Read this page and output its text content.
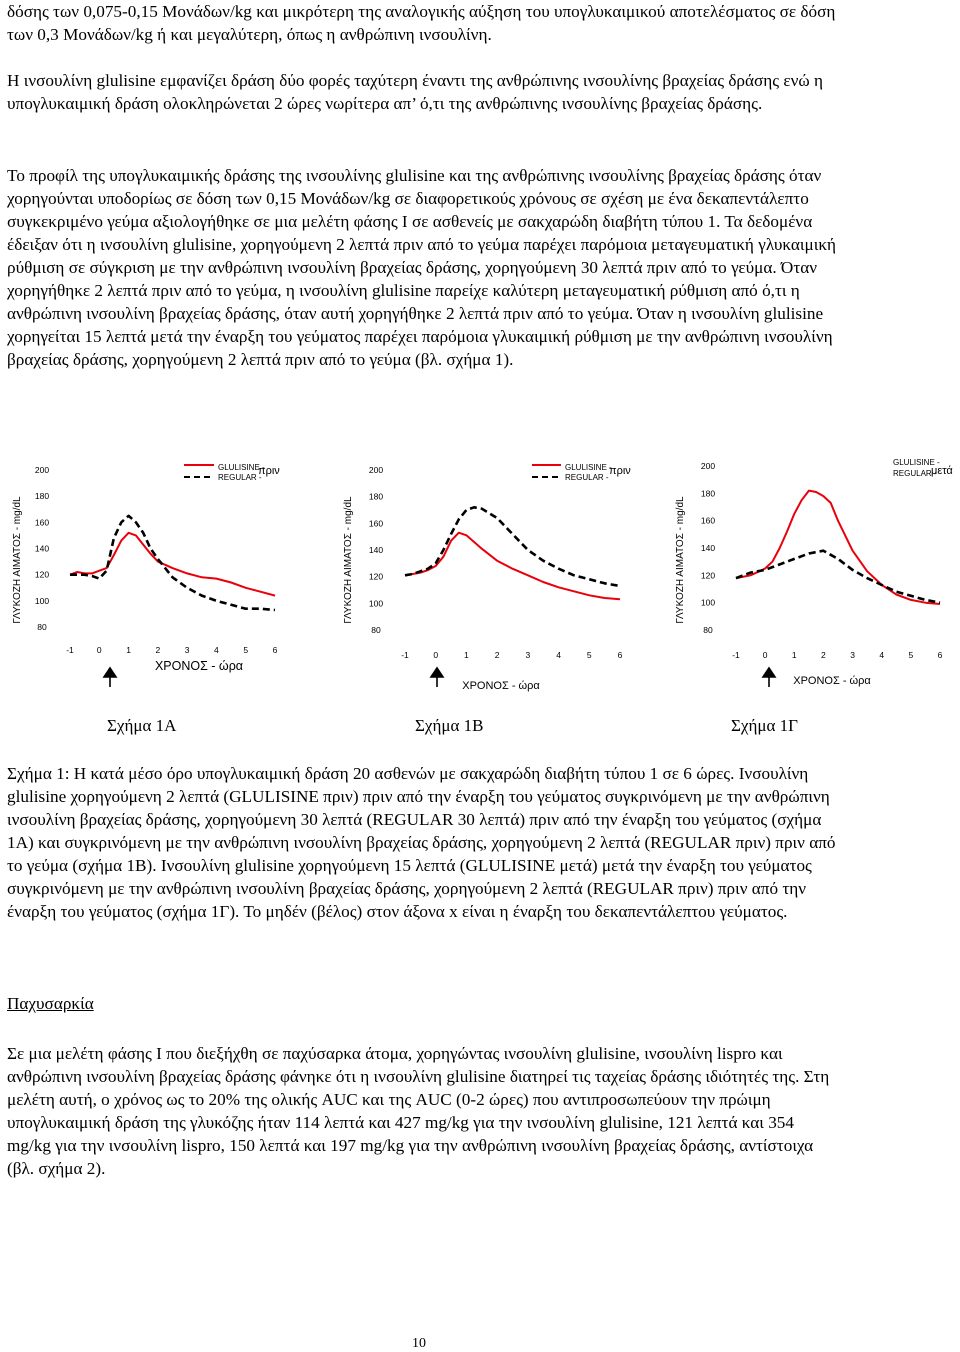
δόσης των 0,075-0,15 Μονάδων/kg και μικρότερη της αναλογικής αύξηση του υπογλυκαιμικού αποτελέσματος σε δόση των 0,3 Μονάδων/kg ή και μεγαλύτερη, όπως η ανθρώπινη ινσουλίνη.

Η ινσουλίνη glulisine εμφανίζει δράση δύο φορές ταχύτερη έναντι της ανθρώπινης ινσουλίνης βραχείας δράσης ενώ η υπογλυκαιμική δράση ολοκληρώνεται 2 ώρες νωρίτερα απ’ ό,τι της ανθρώπινης ινσουλίνης βραχείας δράσης.

Το προφίλ της υπογλυκαιμικής δράσης της ινσουλίνης glulisine και της ανθρώπινης ινσουλίνης βραχείας δράσης όταν χορηγούνται υποδορίως σε δόση των 0,15 Μονάδων/kg σε διαφορετικούς χρόνους σε σχέση με ένα δεκαπεντάλεπτο συγκεκριμένο γεύμα αξιολογήθηκε σε μια μελέτη φάσης Ι σε ασθενείς με σακχαρώδη διαβήτη τύπου 1. Τα δεδομένα έδειξαν ότι η ινσουλίνη glulisine, χορηγούμενη 2 λεπτά πριν από το γεύμα παρέχει παρόμοια μεταγευματική γλυκαιμική ρύθμιση σε σύγκριση με την ανθρώπινη ινσουλίνη βραχείας δράσης, χορηγούμενη 30 λεπτά πριν από το γεύμα. Όταν χορηγήθηκε 2 λεπτά πριν από το γεύμα, η ινσουλίνη glulisine παρείχε καλύτερη μεταγευματική ρύθμιση από ό,τι η ανθρώπινη ινσουλίνη βραχείας δράσης, όταν αυτή χορηγήθηκε 2 λεπτά πριν από το γεύμα. Όταν η ινσουλίνη glulisine χορηγείται 15 λεπτά μετά την έναρξη του γεύματος παρέχει παρόμοια γλυκαιμική ρύθμιση με την ανθρώπινη ινσουλίνη βραχείας δράσης, χορηγούμενη 2 λεπτά πριν από το γεύμα (βλ. σχήμα 1).

ΓΛΥΚΟΖΗ ΑΙΜΑΤΟΣ - mg/dL
ΧΡΟΝΟΣ - ώρα
GLULISINE -
πριν
REGULAR -
200
180
160
140
120
100
80
-1	0	1	2	3	4	5	6
ΓΛΥΚΟΖΗ ΑΙΜΑΤΟΣ - mg/dL
ΧΡΟΝΟΣ - ώρα
GLULISINE -
πριν
REGULAR -
200
180
160
140
120
100
80
-1	0	1	2	3	4	5	6
ΓΛΥΚΟΖΗ ΑΙΜΑΤΟΣ - mg/dL
ΧΡΟΝΟΣ - ώρα
GLULISINE -
μετά
REGULAR -
200
180
160
140
120
100
80
-1	0	1	2	3	4	5	6
Σχήμα 1Α	Σχήμα 1Β	Σχήμα 1Γ

Σχήμα 1: Η κατά μέσο όρο υπογλυκαιμική δράση 20 ασθενών με σακχαρώδη διαβήτη τύπου 1 σε 6 ώρες. Ινσουλίνη glulisine χορηγούμενη 2 λεπτά (GLULISINE πριν) πριν από την έναρξη του γεύματος συγκρινόμενη με την ανθρώπινη ινσουλίνη βραχείας δράσης, χορηγούμενη 30 λεπτά (REGULAR 30 λεπτά) πριν από την έναρξη του γεύματος (σχήμα 1Α) και συγκρινόμενη με την ανθρώπινη ινσουλίνη βραχείας δράσης, χορηγούμενη 2 λεπτά (REGULAR πριν) πριν από το γεύμα (σχήμα 1Β). Ινσουλίνη glulisine χορηγούμενη 15 λεπτά (GLULISINE μετά) μετά την έναρξη του γεύματος συγκρινόμενη με την ανθρώπινη ινσουλίνη βραχείας δράσης, χορηγούμενη 2 λεπτά (REGULAR πριν) πριν από την έναρξη του γεύματος (σχήμα 1Γ). Το μηδέν (βέλος) στον άξονα x είναι η έναρξη του δεκαπεντάλεπτου γεύματος.

Παχυσαρκία

Σε μια μελέτη φάσης Ι που διεξήχθη σε παχύσαρκα άτομα, χορηγώντας ινσουλίνη glulisine, ινσουλίνη lispro και ανθρώπινη ινσουλίνη βραχείας δράσης φάνηκε ότι η ινσουλίνη glulisine διατηρεί τις ταχείας δράσης ιδιότητές της. Στη μελέτη αυτή, ο χρόνος ως το 20% της ολικής AUC και της AUC (0-2 ώρες) που αντιπροσωπεύουν την πρώιμη υπογλυκαιμική δράση της γλυκόζης ήταν 114 λεπτά και 427 mg/kg για την ινσουλίνη glulisine, 121 λεπτά και 354 mg/kg για την ινσουλίνη lispro, 150 λεπτά και 197 mg/kg για την ανθρώπινη ινσουλίνη βραχείας δράσης, αντίστοιχα (βλ. σχήμα 2).

10
